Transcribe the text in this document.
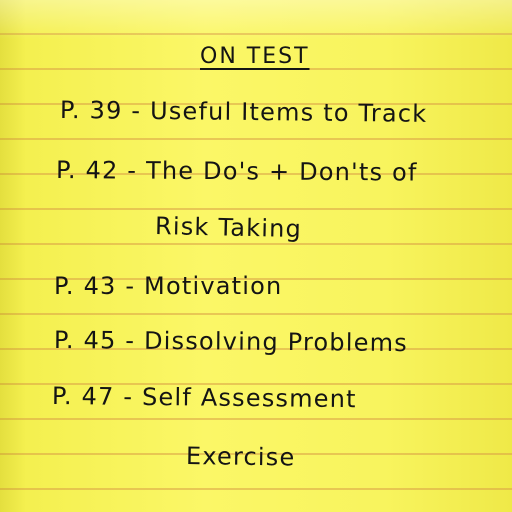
ON TEST
P. 39 - Useful Items to Track
P. 42 - The Do's + Don'ts of
Risk Taking
P. 43 - Motivation
P. 45 - Dissolving Problems
P. 47 - Self Assessment
Exercise
